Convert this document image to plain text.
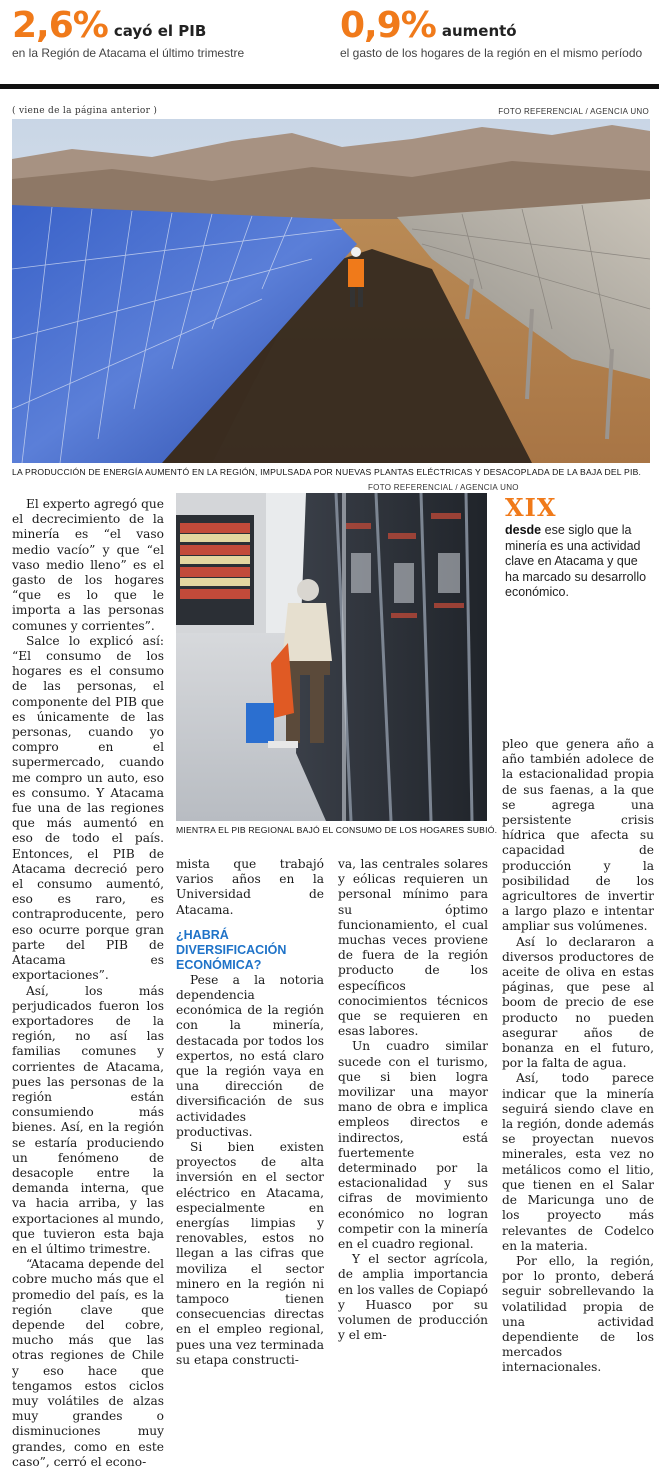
2,6% cayó el PIB
en la Región de Atacama el último trimestre
0,9% aumentó
el gasto de los hogares de la región en el mismo período
( viene de la página anterior )	FOTO REFERENCIAL / AGENCIA UNO
LA PRODUCCIÓN DE ENERGÍA AUMENTÓ EN LA REGIÓN, IMPULSADA POR NUEVAS PLANTAS ELÉCTRICAS Y DESACOPLADA DE LA BAJA DEL PIB.

El experto agregó que el decrecimiento de la minería es “el vaso medio vacío” y que “el vaso medio lleno” es el gasto de los hogares “que es lo que le importa a las personas comunes y corrientes”.

Salce lo explicó así: “El consumo de los hogares es el consumo de las personas, el componente del PIB que es únicamente de las personas, cuando yo compro en el supermercado, cuando me compro un auto, eso es consumo. Y Atacama fue una de las regiones que más aumentó en eso de todo el país. Entonces, el PIB de Atacama decreció pero el consumo aumentó, eso es raro, es contraproducente, pero eso ocurre porque gran parte del PIB de Atacama es exportaciones”.

Así, los más perjudicados fueron los exportadores de la región, no así las familias comunes y corrientes de Atacama, pues las personas de la región están consumiendo más bienes. Así, en la región se estaría produciendo un fenómeno de desacople entre la demanda interna, que va hacia arriba, y las exportaciones al mundo, que tuvieron esta baja en el último trimestre.

“Atacama depende del cobre mucho más que el promedio del país, es la región clave que depende del cobre, mucho más que las otras regiones de Chile y eso hace que tengamos estos ciclos muy volátiles de alzas muy grandes o disminuciones muy grandes, como en este caso”, cerró el econo-

FOTO REFERENCIAL / AGENCIA UNO
MIENTRA EL PIB REGIONAL BAJÓ EL CONSUMO DE LOS HOGARES SUBIÓ.
XIX
desde ese siglo que la minería es una actividad clave en Atacama y que ha marcado su desarrollo económico.

mista que trabajó varios años en la Universidad de Atacama.

¿HABRÁ DIVERSIFICACIÓN ECONÓMICA?

Pese a la notoria dependencia económica de la región con la minería, destacada por todos los expertos, no está claro que la región vaya en una dirección de diversificación de sus actividades productivas.

Si bien existen proyectos de alta inversión en el sector eléctrico en Atacama, especialmente en energías limpias y renovables, estos no llegan a las cifras que moviliza el sector minero en la región ni tampoco tienen consecuencias directas en el empleo regional, pues una vez terminada su etapa constructi-

va, las centrales solares y eólicas requieren un personal mínimo para su óptimo funcionamiento, el cual muchas veces proviene de fuera de la región producto de los específicos conocimientos técnicos que se requieren en esas labores.

Un cuadro similar sucede con el turismo, que si bien logra movilizar una mayor mano de obra e implica empleos directos e indirectos, está fuertemente determinado por la estacionalidad y sus cifras de movimiento económico no logran competir con la minería en el cuadro regional.

Y el sector agrícola, de amplia importancia en los valles de Copiapó y Huasco por su volumen de producción y el em-

pleo que genera año a año también adolece de la estacionalidad propia de sus faenas, a la que se agrega una persistente crisis hídrica que afecta su capacidad de producción y la posibilidad de los agricultores de invertir a largo plazo e intentar ampliar sus volúmenes.

Así lo declararon a diversos productores de aceite de oliva en estas páginas, que pese al boom de precio de ese producto no pueden asegurar años de bonanza en el futuro, por la falta de agua.

Así, todo parece indicar que la minería seguirá siendo clave en la región, donde además se proyectan nuevos minerales, esta vez no metálicos como el litio, que tienen en el Salar de Maricunga uno de los proyecto más relevantes de Codelco en la materia.

Por ello, la región, por lo pronto, deberá seguir sobrellevando la volatilidad propia de una actividad dependiente de los mercados internacionales.
